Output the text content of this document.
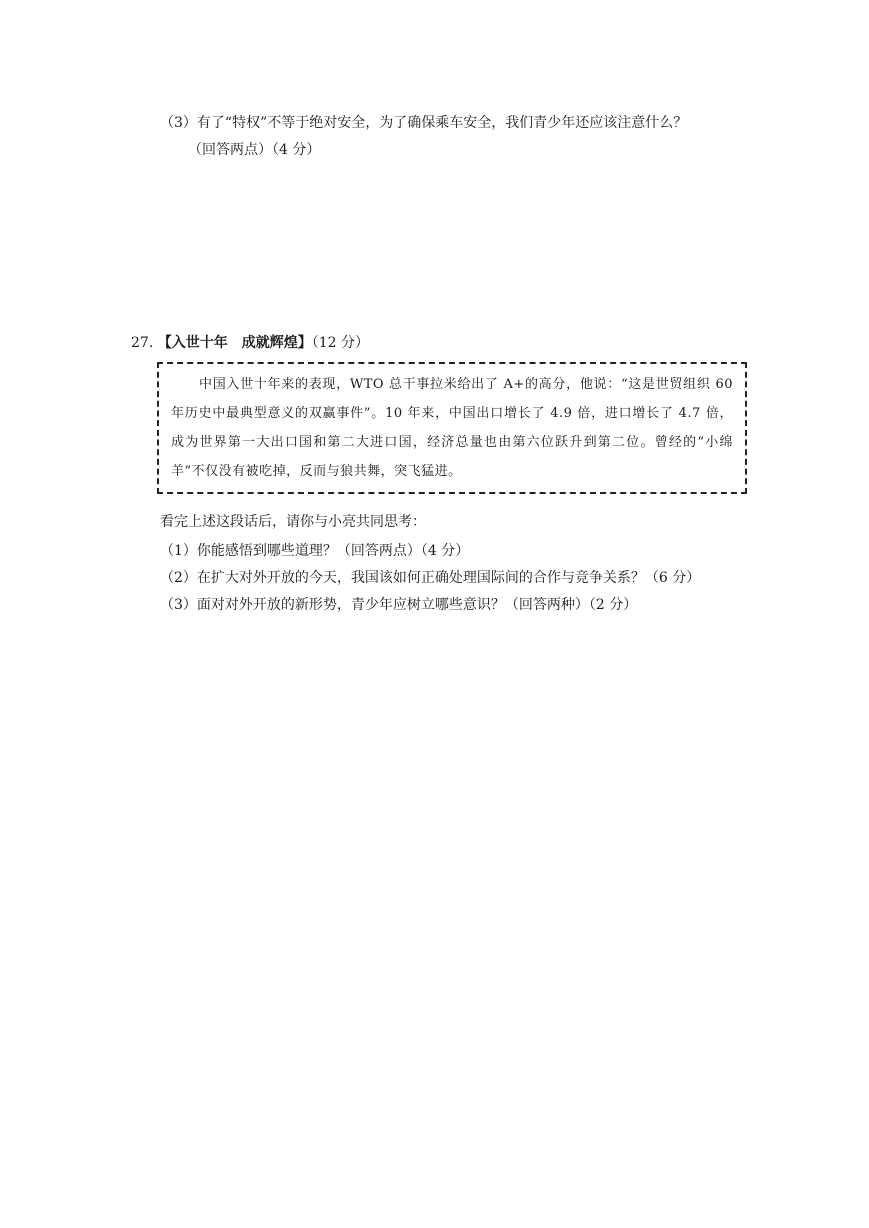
（3）有了“特权”不等于绝对安全，为了确保乘车安全，我们青少年还应该注意什么？
（回答两点）（4 分）
27. 【入世十年　成就辉煌】（12 分）

中国入世十年来的表现，WTO 总干事拉米给出了 A+的高分，他说：“这是世贸组织 60 年历史中最典型意义的双赢事件”。10 年来，中国出口增长了 4.9 倍，进口增长了 4.7 倍，成为世界第一大出口国和第二大进口国，经济总量也由第六位跃升到第二位。曾经的“小绵羊”不仅没有被吃掉，反而与狼共舞，突飞猛进。

看完上述这段话后，请你与小亮共同思考：
（1）你能感悟到哪些道理？（回答两点）（4 分）
（2）在扩大对外开放的今天，我国该如何正确处理国际间的合作与竞争关系？（6 分）
（3）面对对外开放的新形势，青少年应树立哪些意识？（回答两种）（2 分）
